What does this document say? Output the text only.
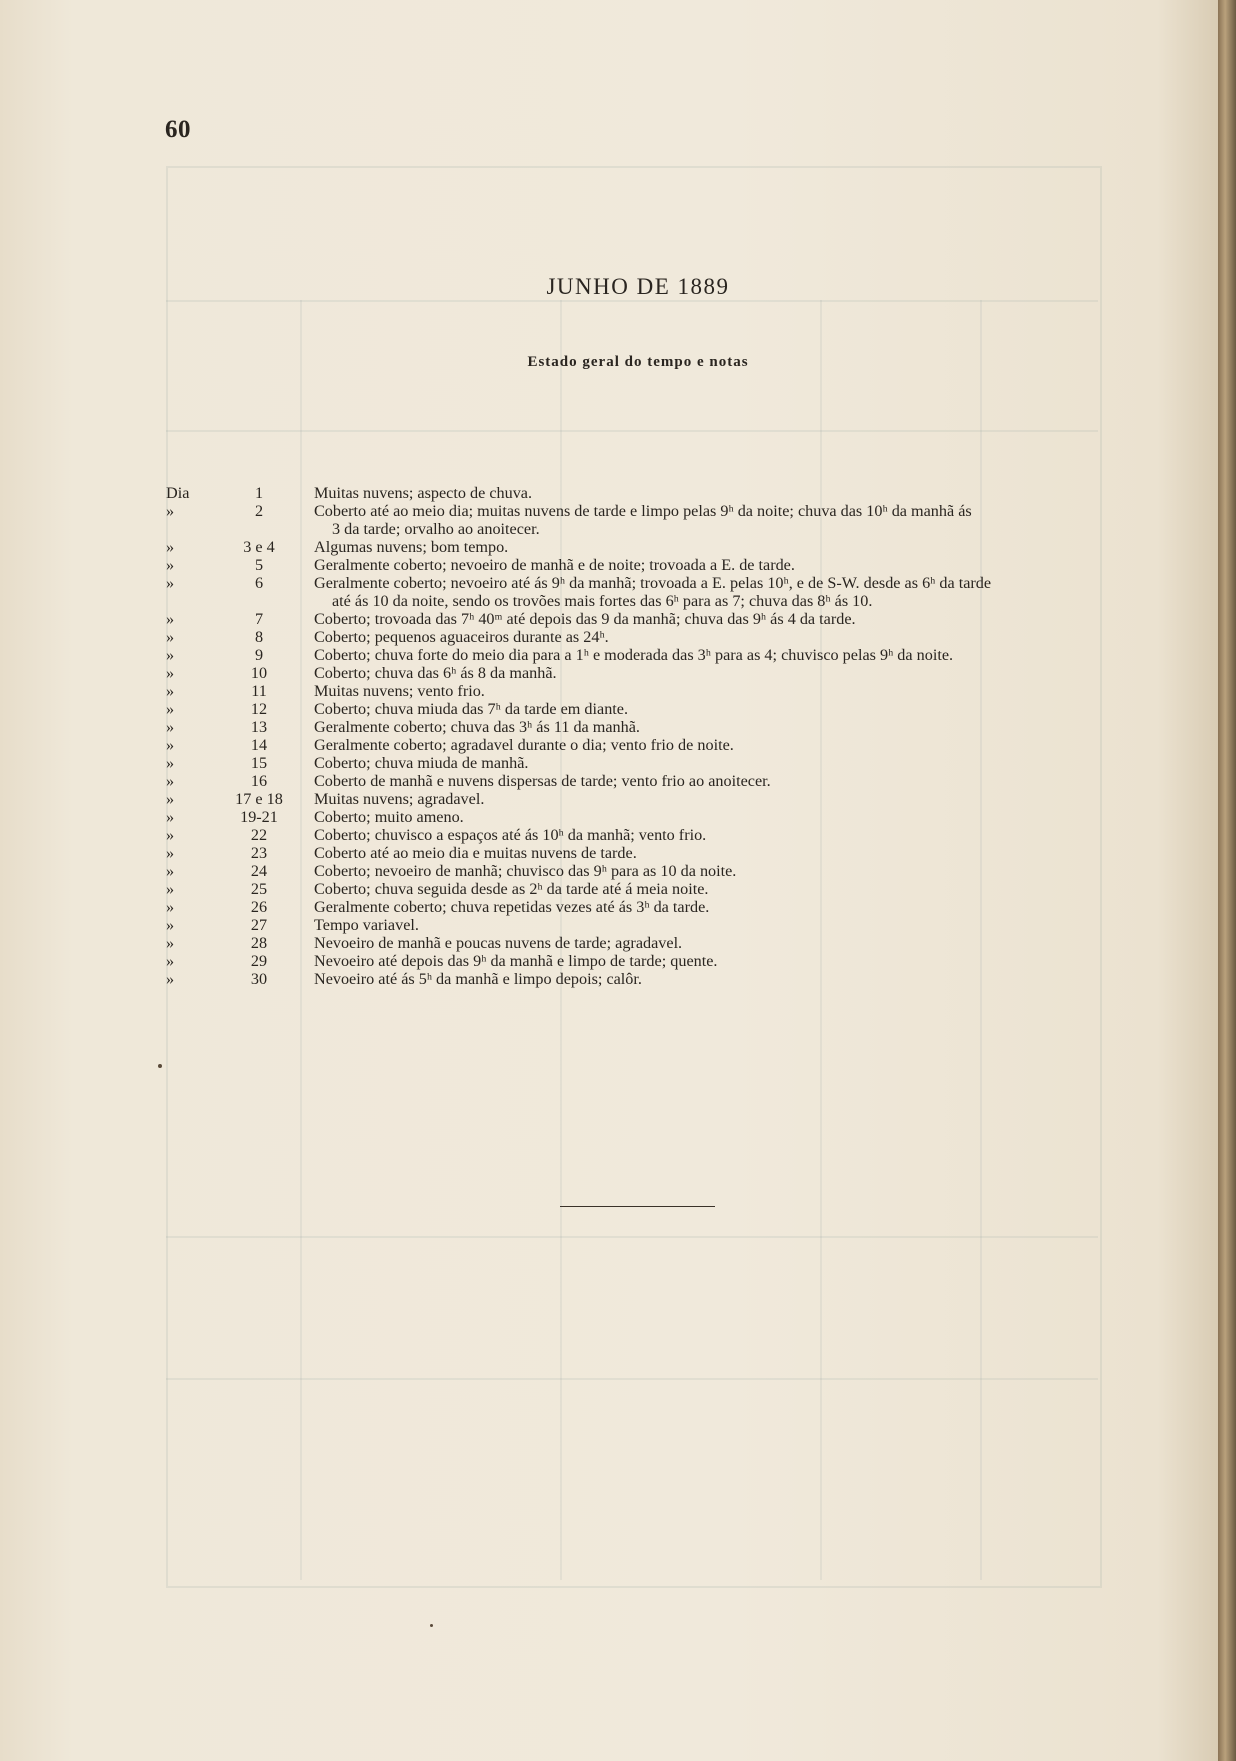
60
JUNHO DE 1889
Estado geral do tempo e notas
Dia	1	Muitas nuvens; aspecto de chuva.
»	2	Coberto até ao meio dia; muitas nuvens de tarde e limpo pelas 9ʰ da noite; chuva das 10ʰ da manhã ás
3 da tarde; orvalho ao anoitecer.
»	3 e 4	Algumas nuvens; bom tempo.
»	5	Geralmente coberto; nevoeiro de manhã e de noite; trovoada a E. de tarde.
»	6	Geralmente coberto; nevoeiro até ás 9ʰ da manhã; trovoada a E. pelas 10ʰ, e de S-W. desde as 6ʰ da tarde
até ás 10 da noite, sendo os trovões mais fortes das 6ʰ para as 7; chuva das 8ʰ ás 10.
»	7	Coberto; trovoada das 7ʰ 40ᵐ até depois das 9 da manhã; chuva das 9ʰ ás 4 da tarde.
»	8	Coberto; pequenos aguaceiros durante as 24ʰ.
»	9	Coberto; chuva forte do meio dia para a 1ʰ e moderada das 3ʰ para as 4; chuvisco pelas 9ʰ da noite.
»	10	Coberto; chuva das 6ʰ ás 8 da manhã.
»	11	Muitas nuvens; vento frio.
»	12	Coberto; chuva miuda das 7ʰ da tarde em diante.
»	13	Geralmente coberto; chuva das 3ʰ ás 11 da manhã.
»	14	Geralmente coberto; agradavel durante o dia; vento frio de noite.
»	15	Coberto; chuva miuda de manhã.
»	16	Coberto de manhã e nuvens dispersas de tarde; vento frio ao anoitecer.
»	17 e 18	Muitas nuvens; agradavel.
»	19-21	Coberto; muito ameno.
»	22	Coberto; chuvisco a espaços até ás 10ʰ da manhã; vento frio.
»	23	Coberto até ao meio dia e muitas nuvens de tarde.
»	24	Coberto; nevoeiro de manhã; chuvisco das 9ʰ para as 10 da noite.
»	25	Coberto; chuva seguida desde as 2ʰ da tarde até á meia noite.
»	26	Geralmente coberto; chuva repetidas vezes até ás 3ʰ da tarde.
»	27	Tempo variavel.
»	28	Nevoeiro de manhã e poucas nuvens de tarde; agradavel.
»	29	Nevoeiro até depois das 9ʰ da manhã e limpo de tarde; quente.
»	30	Nevoeiro até ás 5ʰ da manhã e limpo depois; calôr.
